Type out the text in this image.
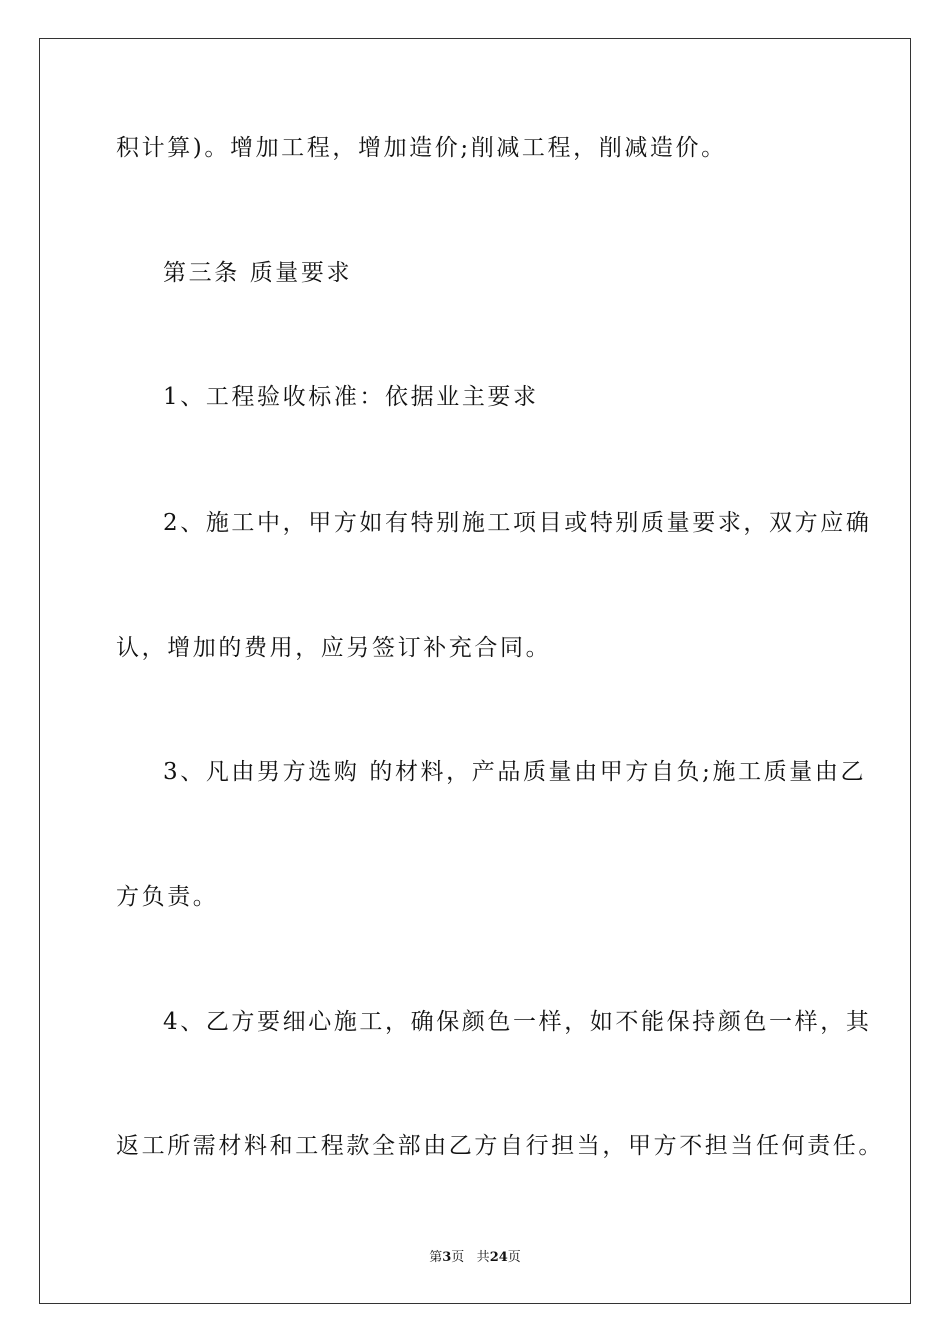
积计算)。增加工程，增加造价;削减工程，削减造价。
第三条 质量要求
1、工程验收标准：依据业主要求
2、施工中，甲方如有特别施工项目或特别质量要求，双方应确
认，增加的费用，应另签订补充合同。
3、凡由男方选购 的材料，产品质量由甲方自负;施工质量由乙
方负责。
4、乙方要细心施工，确保颜色一样，如不能保持颜色一样，其
返工所需材料和工程款全部由乙方自行担当，甲方不担当任何责任。
第3页 共24页
